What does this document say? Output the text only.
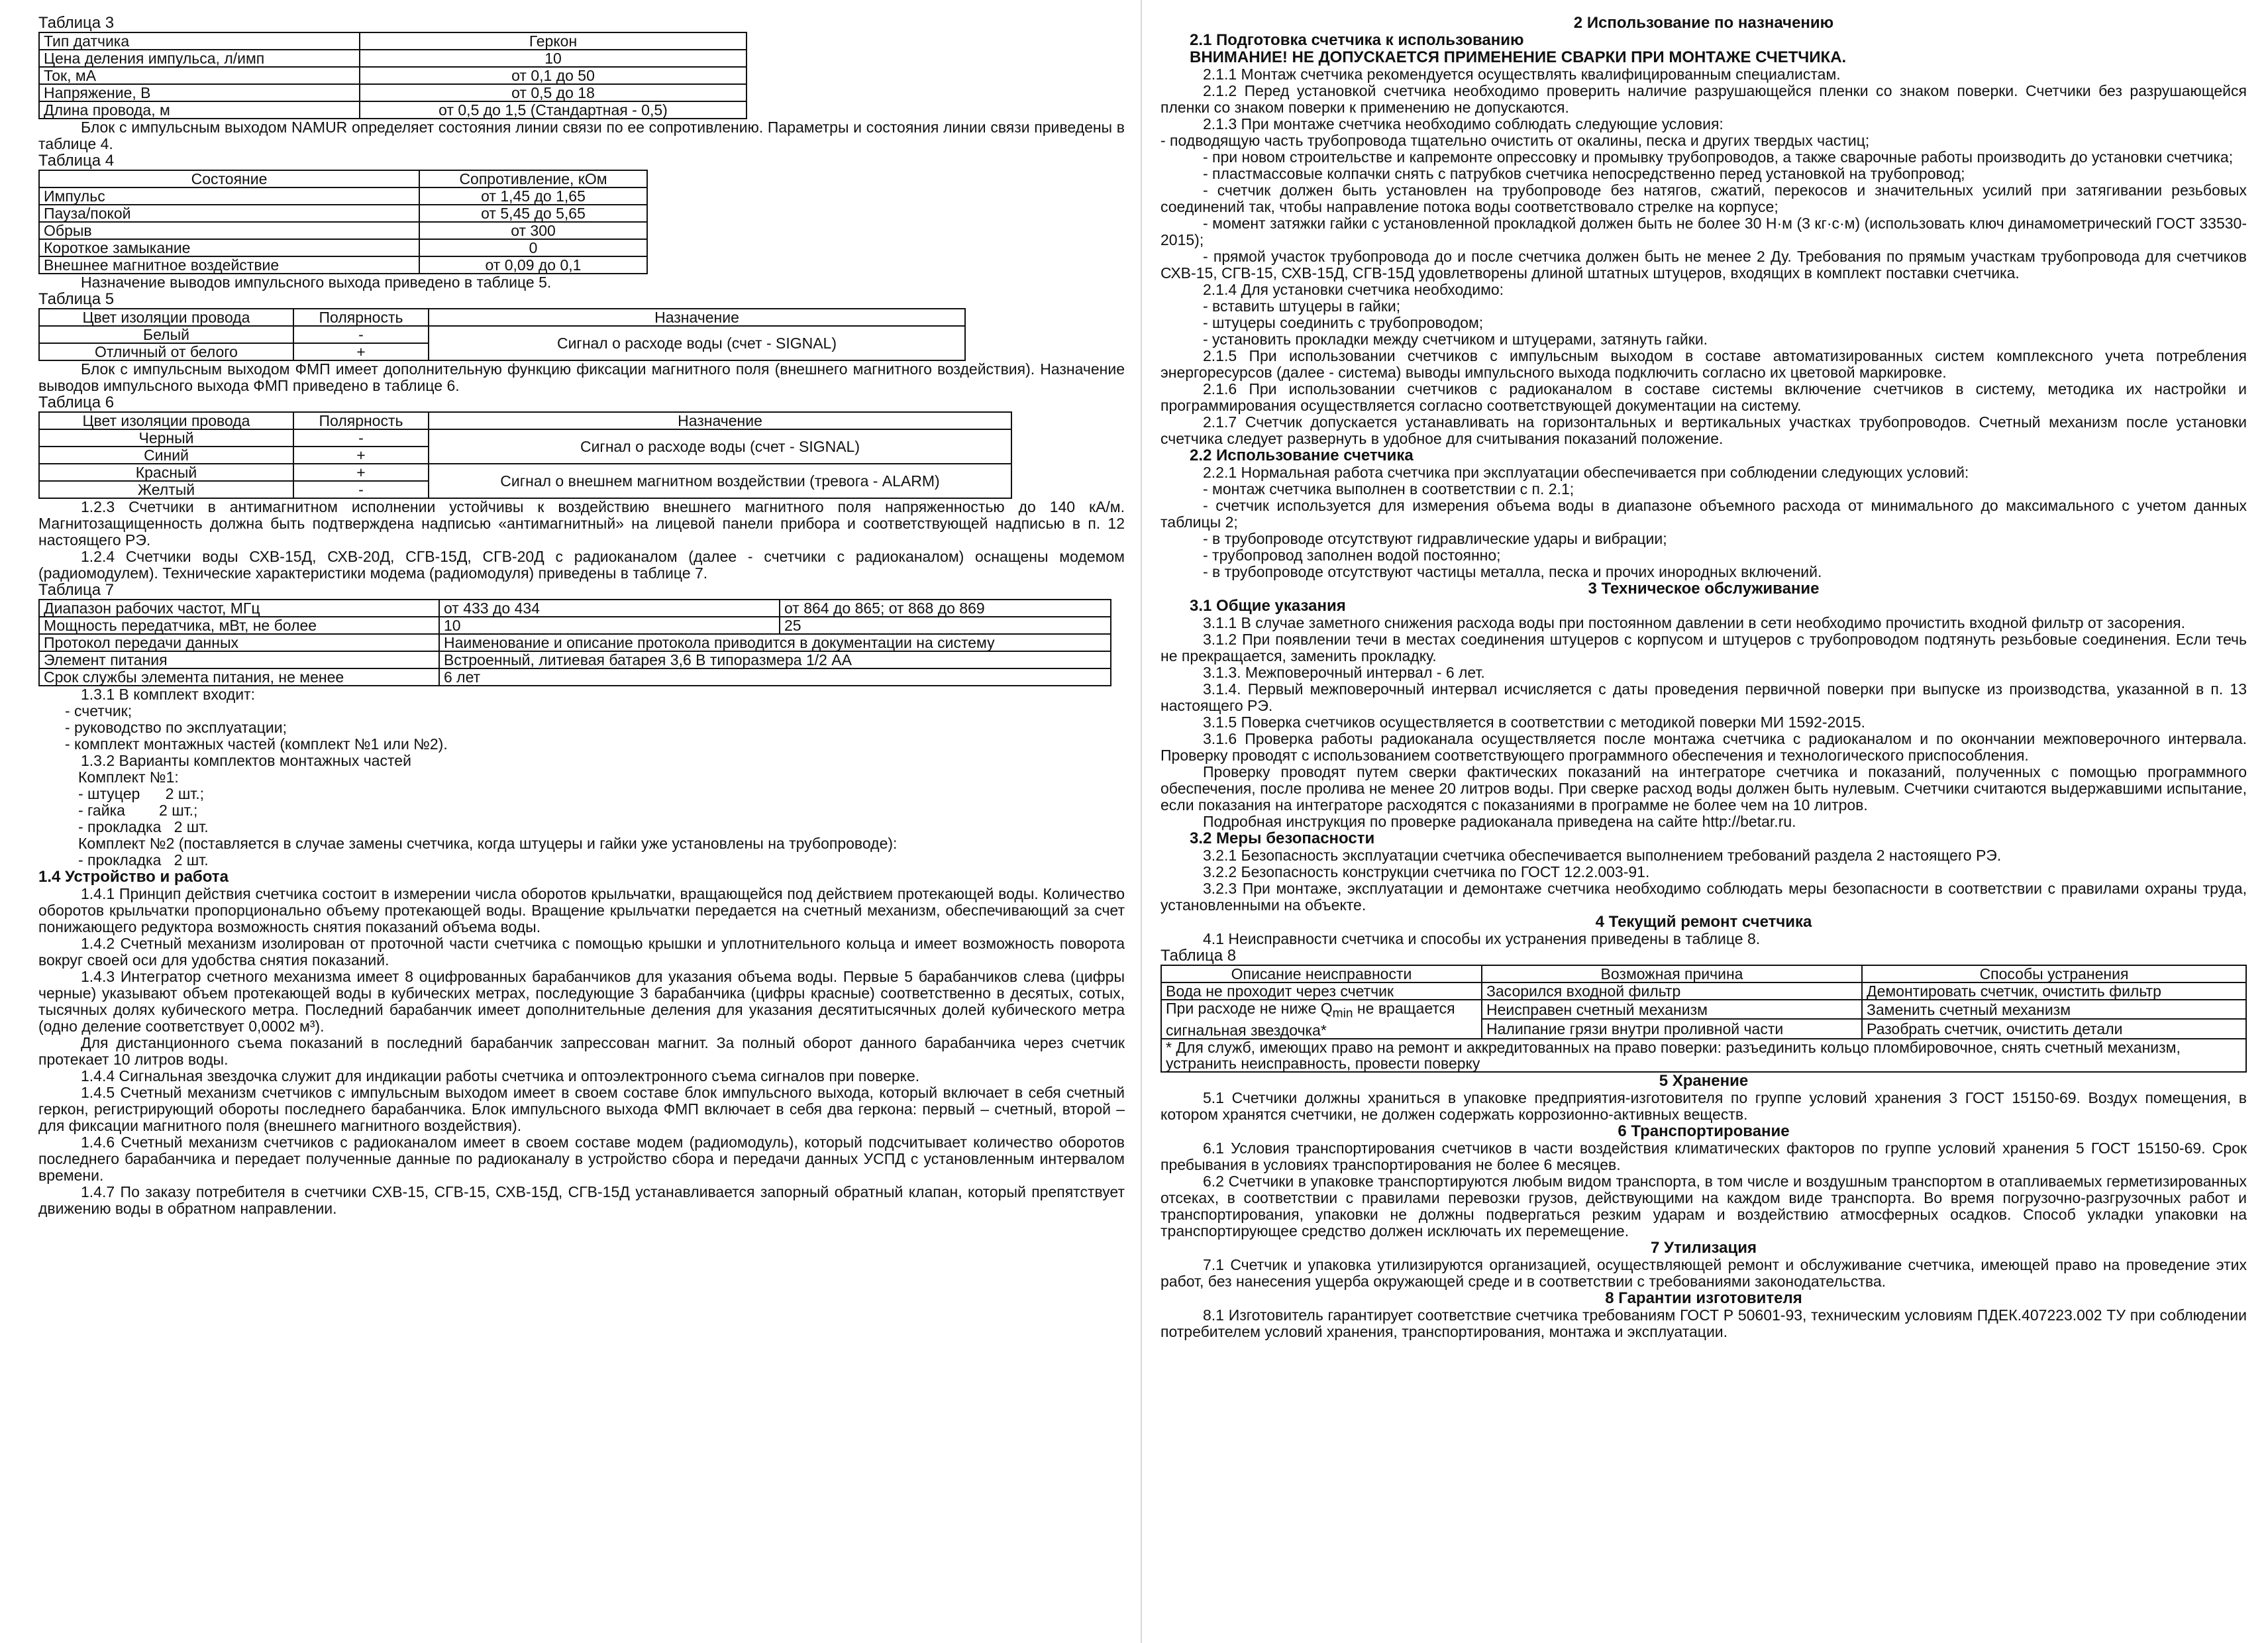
Таблица 3
Тип датчика	Геркон
Цена деления импульса, л/имп	10
Ток, мА	от 0,1 до 50
Напряжение, В	от 0,5 до 18
Длина провода, м	от 0,5 до 1,5 (Стандартная - 0,5)

Блок с импульсным выходом NAMUR определяет состояния линии связи по ее сопротивлению. Параметры и состояния линии связи приведены в таблице 4.

Таблица 4
Состояние	Сопротивление, кОм
Импульс	от 1,45 до 1,65
Пауза/покой	от 5,45 до 5,65
Обрыв	от 300
Короткое замыкание	0
Внешнее магнитное воздействие	от 0,09 до 0,1

Назначение выводов импульсного выхода приведено в таблице 5.

Таблица 5
Цвет изоляции провода	Полярность	Назначение
Белый	-	Сигнал о расходе воды (счет - SIGNAL)
Отличный от белого	+	

Блок с импульсным выходом ФМП имеет дополнительную функцию фиксации магнитного поля (внешнего магнитного воздействия). Назначение выводов импульсного выхода ФМП приведено в таблице 6.

Таблица 6
Цвет изоляции провода	Полярность	Назначение
Черный	-	Сигнал о расходе воды (счет - SIGNAL)
Синий	+	
Красный	+	Сигнал о внешнем магнитном воздействии (тревога - ALARM)
Желтый	-	

1.2.3 Счетчики в антимагнитном исполнении устойчивы к воздействию внешнего магнитного поля напряженностью до 140 кА/м. Магнитозащищенность должна быть подтверждена надписью «антимагнитный» на лицевой панели прибора и соответствующей надписью в п. 12 настоящего РЭ.

1.2.4 Счетчики воды СХВ-15Д, СХВ-20Д, СГВ-15Д, СГВ-20Д с радиоканалом (далее - счетчики с радиоканалом) оснащены модемом (радиомодулем). Технические характеристики модема (радиомодуля) приведены в таблице 7.

Таблица 7
Диапазон рабочих частот, МГц	от 433 до 434	от 864 до 865; от 868 до 869
Мощность передатчика, мВт, не более	10	25
Протокол передачи данных	Наименование и описание протокола приводится в документации на систему	
Элемент питания	Встроенный, литиевая батарея 3,6 В типоразмера 1/2 АА	
Срок службы элемента питания, не менее	6 лет	

1.3.1 В комплект входит:

- счетчик;
- руководство по эксплуатации;
- комплект монтажных частей (комплект №1 или №2).

1.3.2 Варианты комплектов монтажных частей

Комплект №1:
- штуцер      2 шт.;
- гайка        2 шт.;
- прокладка   2 шт.
Комплект №2 (поставляется в случае замены счетчика, когда штуцеры и гайки уже установлены на трубопроводе):
- прокладка   2 шт.
1.4 Устройство и работа

1.4.1 Принцип действия счетчика состоит в измерении числа оборотов крыльчатки, вращающейся под действием протекающей воды. Количество оборотов крыльчатки пропорционально объему протекающей воды. Вращение крыльчатки передается на счетный механизм, обеспечивающий за счет понижающего редуктора возможность снятия показаний объема воды.

1.4.2 Счетный механизм изолирован от проточной части счетчика с помощью крышки и уплотнительного кольца и имеет возможность поворота вокруг своей оси для удобства снятия показаний.

1.4.3 Интегратор счетного механизма имеет 8 оцифрованных барабанчиков для указания объема воды. Первые 5 барабанчиков слева (цифры черные) указывают объем протекающей воды в кубических метрах, последующие 3 барабанчика (цифры красные) соответственно в десятых, сотых, тысячных долях кубического метра. Последний барабанчик имеет дополнительные деления для указания десятитысячных долей кубического метра (одно деление соответствует 0,0002 м³).

Для дистанционного съема показаний в последний барабанчик запрессован магнит. За полный оборот данного барабанчика через счетчик протекает 10 литров воды.

1.4.4 Сигнальная звездочка служит для индикации работы счетчика и оптоэлектронного съема сигналов при поверке.

1.4.5 Счетный механизм счетчиков с импульсным выходом имеет в своем составе блок импульсного выхода, который включает в себя счетный геркон, регистрирующий обороты последнего барабанчика. Блок импульсного выхода ФМП включает в себя два геркона: первый – счетный, второй – для фиксации магнитного поля (внешнего магнитного воздействия).

1.4.6 Счетный механизм счетчиков с радиоканалом имеет в своем составе модем (радиомодуль), который подсчитывает количество оборотов последнего барабанчика и передает полученные данные по радиоканалу в устройство сбора и передачи данных УСПД с установленным интервалом времени.

1.4.7 По заказу потребителя в счетчики СХВ-15, СГВ-15, СХВ-15Д, СГВ-15Д устанавливается запорный обратный клапан, который препятствует движению воды в обратном направлении.

2 Использование по назначению
2.1 Подготовка счетчика к использованию
ВНИМАНИЕ! НЕ ДОПУСКАЕТСЯ ПРИМЕНЕНИЕ СВАРКИ ПРИ МОНТАЖЕ СЧЕТЧИКА.

2.1.1 Монтаж счетчика рекомендуется осуществлять квалифицированным специалистам.

2.1.2 Перед установкой счетчика необходимо проверить наличие разрушающейся пленки со знаком поверки. Счетчики без разрушающейся пленки со знаком поверки к применению не допускаются.

2.1.3 При монтаже счетчика необходимо соблюдать следующие условия:

- подводящую часть трубопровода тщательно очистить от окалины, песка и других твердых частиц;

- при новом строительстве и капремонте опрессовку и промывку трубопроводов, а также сварочные работы производить до установки счетчика;

- пластмассовые колпачки снять с патрубков счетчика непосредственно перед установкой на трубопровод;

- счетчик должен быть установлен на трубопроводе без натягов, сжатий, перекосов и значительных усилий при затягивании резьбовых соединений так, чтобы направление потока воды соответствовало стрелке на корпусе;

- момент затяжки гайки с установленной прокладкой должен быть не более 30 Н·м (3 кг·с·м) (использовать ключ динамометрический ГОСТ 33530-2015);

- прямой участок трубопровода до и после счетчика должен быть не менее 2 Ду. Требования по прямым участкам трубопровода для счетчиков СХВ-15, СГВ-15, СХВ-15Д, СГВ-15Д удовлетворены длиной штатных штуцеров, входящих в комплект поставки счетчика.

2.1.4 Для установки счетчика необходимо:

- вставить штуцеры в гайки;

- штуцеры соединить с трубопроводом;

- установить прокладки между счетчиком и штуцерами, затянуть гайки.

2.1.5 При использовании счетчиков с импульсным выходом в составе автоматизированных систем комплексного учета потребления энергоресурсов (далее - система) выводы импульсного выхода подключить согласно их цветовой маркировке.

2.1.6 При использовании счетчиков с радиоканалом в составе системы включение счетчиков в систему, методика их настройки и программирования осуществляется согласно соответствующей документации на систему.

2.1.7 Счетчик допускается устанавливать на горизонтальных и вертикальных участках трубопроводов. Счетный механизм после установки счетчика следует развернуть в удобное для считывания показаний положение.

2.2 Использование счетчика

2.2.1 Нормальная работа счетчика при эксплуатации обеспечивается при соблюдении следующих условий:

- монтаж счетчика выполнен в соответствии с п. 2.1;

- счетчик используется для измерения объема воды в диапазоне объемного расхода от минимального до максимального с учетом данных таблицы 2;

- в трубопроводе отсутствуют гидравлические удары и вибрации;

- трубопровод заполнен водой постоянно;

- в трубопроводе отсутствуют частицы металла, песка и прочих инородных включений.

3 Техническое обслуживание
3.1 Общие указания

3.1.1 В случае заметного снижения расхода воды при постоянном давлении в сети необходимо прочистить входной фильтр от засорения.

3.1.2 При появлении течи в местах соединения штуцеров с корпусом и штуцеров с трубопроводом подтянуть резьбовые соединения. Если течь не прекращается, заменить прокладку.

3.1.3. Межповерочный интервал - 6 лет.

3.1.4. Первый межповерочный интервал исчисляется с даты проведения первичной поверки при выпуске из производства, указанной в п. 13 настоящего РЭ.

3.1.5 Поверка счетчиков осуществляется в соответствии с методикой поверки МИ 1592-2015.

3.1.6 Проверка работы радиоканала осуществляется после монтажа счетчика с радиоканалом и по окончании межповерочного интервала. Проверку проводят с использованием соответствующего программного обеспечения и технологического приспособления.

Проверку проводят путем сверки фактических показаний на интеграторе счетчика и показаний, полученных с помощью программного обеспечения, после пролива не менее 20 литров воды. При сверке расход воды должен быть нулевым. Счетчики считаются выдержавшими испытание, если показания на интеграторе расходятся с показаниями в программе не более чем на 10 литров.

Подробная инструкция по проверке радиоканала приведена на сайте http://betar.ru.

3.2 Меры безопасности

3.2.1 Безопасность эксплуатации счетчика обеспечивается выполнением требований раздела 2 настоящего РЭ.

3.2.2 Безопасность конструкции счетчика по ГОСТ 12.2.003-91.

3.2.3 При монтаже, эксплуатации и демонтаже счетчика необходимо соблюдать меры безопасности в соответствии с правилами охраны труда, установленными на объекте.

4 Текущий ремонт счетчика

4.1 Неисправности счетчика и способы их устранения приведены в таблице 8.

Таблица 8
Описание неисправности	Возможная причина	Способы устранения
Вода не проходит через счетчик	Засорился входной фильтр	Демонтировать счетчик, очистить фильтр
При расходе не ниже $Q_{min}$ не вращается сигнальная звездочка*	Неисправен счетный механизм	Заменить счетный механизм
	Налипание грязи внутри проливной части	Разобрать счетчик, очистить детали
* Для служб, имеющих право на ремонт и аккредитованных на право поверки: разъединить кольцо пломбировочное, снять счетный механизм, устранить неисправность, провести поверку		
5 Хранение

5.1 Счетчики должны храниться в упаковке предприятия-изготовителя по группе условий хранения 3 ГОСТ 15150-69. Воздух помещения, в котором хранятся счетчики, не должен содержать коррозионно-активных веществ.

6 Транспортирование

6.1 Условия транспортирования счетчиков в части воздействия климатических факторов по группе условий хранения 5 ГОСТ 15150-69. Срок пребывания в условиях транспортирования не более 6 месяцев.

6.2 Счетчики в упаковке транспортируются любым видом транспорта, в том числе и воздушным транспортом в отапливаемых герметизированных отсеках, в соответствии с правилами перевозки грузов, действующими на каждом виде транспорта. Во время погрузочно-разгрузочных работ и транспортирования, упаковки не должны подвергаться резким ударам и воздействию атмосферных осадков. Способ укладки упаковки на транспортирующее средство должен исключать их перемещение.

7 Утилизация

7.1 Счетчик и упаковка утилизируются организацией, осуществляющей ремонт и обслуживание счетчика, имеющей право на проведение этих работ, без нанесения ущерба окружающей среде и в соответствии с требованиями законодательства.

8 Гарантии изготовителя

8.1 Изготовитель гарантирует соответствие счетчика требованиям ГОСТ Р 50601-93, техническим условиям ПДЕК.407223.002 ТУ при соблюдении потребителем условий хранения, транспортирования, монтажа и эксплуатации.
